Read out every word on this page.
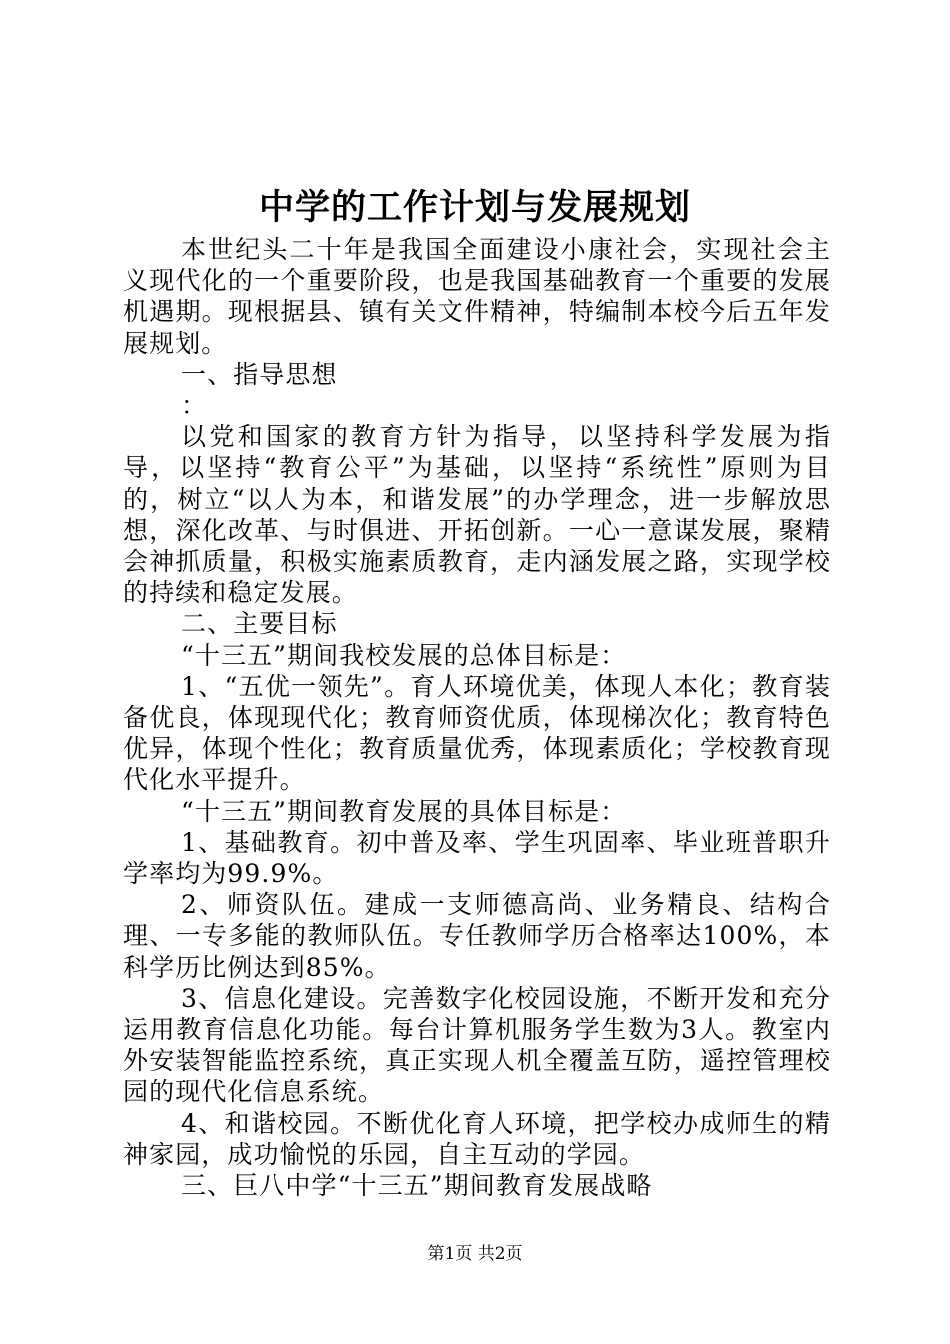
中学的工作计划与发展规划

本世纪头二十年是我国全面建设小康社会，实现社会主义现代化的一个重要阶段，也是我国基础教育一个重要的发展机遇期。现根据县、镇有关文件精神，特编制本校今后五年发展规划。

一、指导思想

：

以党和国家的教育方针为指导，以坚持科学发展为指导，以坚持“教育公平”为基础，以坚持“系统性”原则为目的，树立“以人为本，和谐发展”的办学理念，进一步解放思想，深化改革、与时俱进、开拓创新。一心一意谋发展，聚精会神抓质量，积极实施素质教育，走内涵发展之路，实现学校的持续和稳定发展。

二、主要目标

“十三五”期间我校发展的总体目标是：

1、“五优一领先”。育人环境优美，体现人本化；教育装备优良，体现现代化；教育师资优质，体现梯次化；教育特色优异，体现个性化；教育质量优秀，体现素质化；学校教育现代化水平提升。

“十三五”期间教育发展的具体目标是：

1、基础教育。初中普及率、学生巩固率、毕业班普职升学率均为99.9%。

2、师资队伍。建成一支师德高尚、业务精良、结构合理、一专多能的教师队伍。专任教师学历合格率达100%，本科学历比例达到85%。

3、信息化建设。完善数字化校园设施，不断开发和充分运用教育信息化功能。每台计算机服务学生数为3人。教室内外安装智能监控系统，真正实现人机全覆盖互防，遥控管理校园的现代化信息系统。

4、和谐校园。不断优化育人环境，把学校办成师生的精神家园，成功愉悦的乐园，自主互动的学园。

三、巨八中学“十三五”期间教育发展战略

第1页 共2页
